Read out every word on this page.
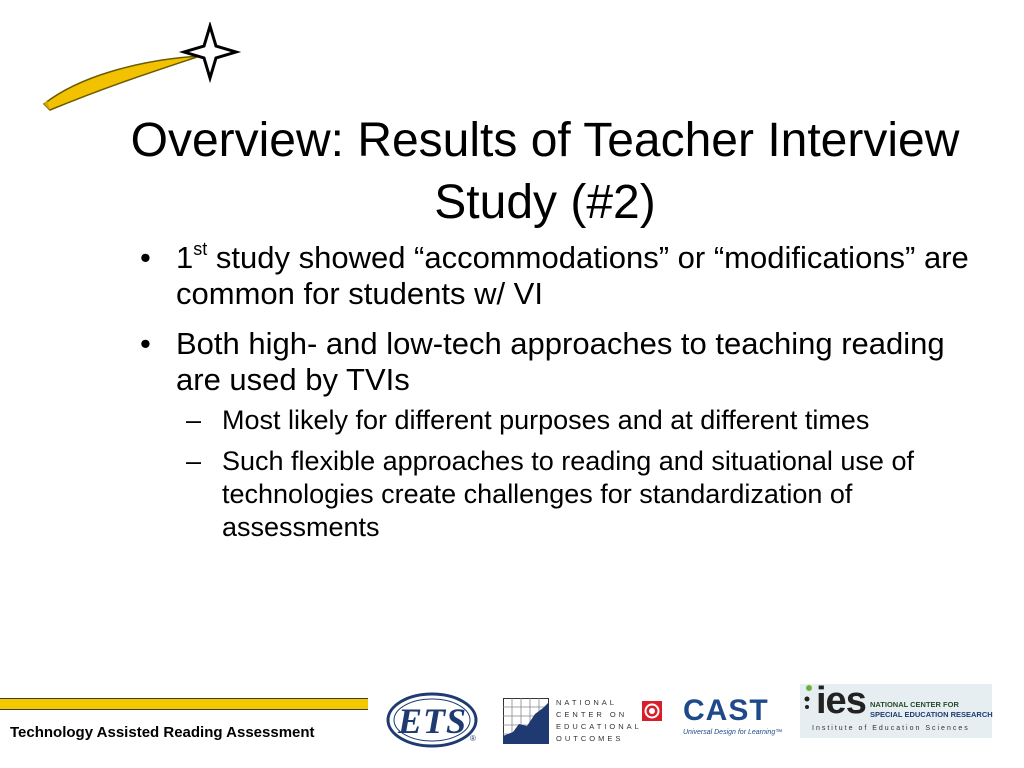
Overview: Results of Teacher Interview Study (#2)
• 1st study showed “accommodations” or “modifications” are common for students w/ VI
• Both high- and low-tech approaches to teaching reading are used by TVIs
– Most likely for different purposes and at different times
– Such flexible approaches to reading and situational use of technologies create challenges for standardization of assessments
Technology Assisted Reading Assessment ETS ®
NATIONAL
CENTER ON
EDUCATIONAL
OUTCOMES
CAST
Universal Design for Learning™
ies NATIONAL CENTER FOR
SPECIAL EDUCATION RESEARCH
Institute of Education Sciences
